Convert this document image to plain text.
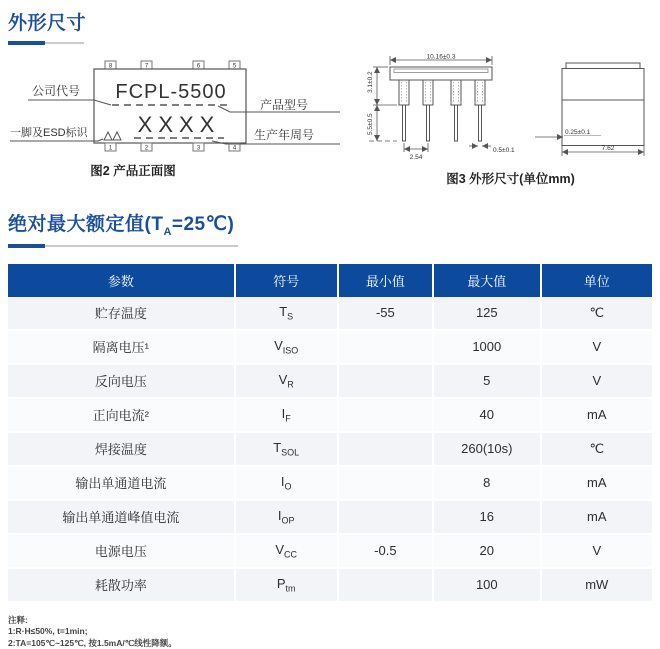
外形尺寸
8	7	6	5
1	2	3	4
FCPL-5500
XXXX
公司代号
产品型号
生产年周号
一脚及ESD标识
图2 产品正面图
10.16±0.3
3.1±0.2
5.5±0.5
2.54
0.5±0.1
0.25±0.1
7.62
图3 外形尺寸(单位mm)
绝对最大额定值$(T_A=25℃)$
参数	符号	最小值	最大值	单位
贮存温度	$T_S$	-55	125	℃
隔离电压¹	$V_{ISO}$		1000	V
反向电压	$V_R$		5	V
正向电流²	$I_F$		40	mA
焊接温度	$T_{SOL}$		260(10s)	℃
输出单通道电流	$I_O$		8	mA
输出单通道峰值电流	$I_{OP}$		16	mA
电源电压	$V_{CC}$	-0.5	20	V
耗散功率	$P_{tm}$		100	mW
注释:
1:R·H≤50%, t=1min;
2:TA=105℃~125℃, 按1.5mA/℃线性降额。
